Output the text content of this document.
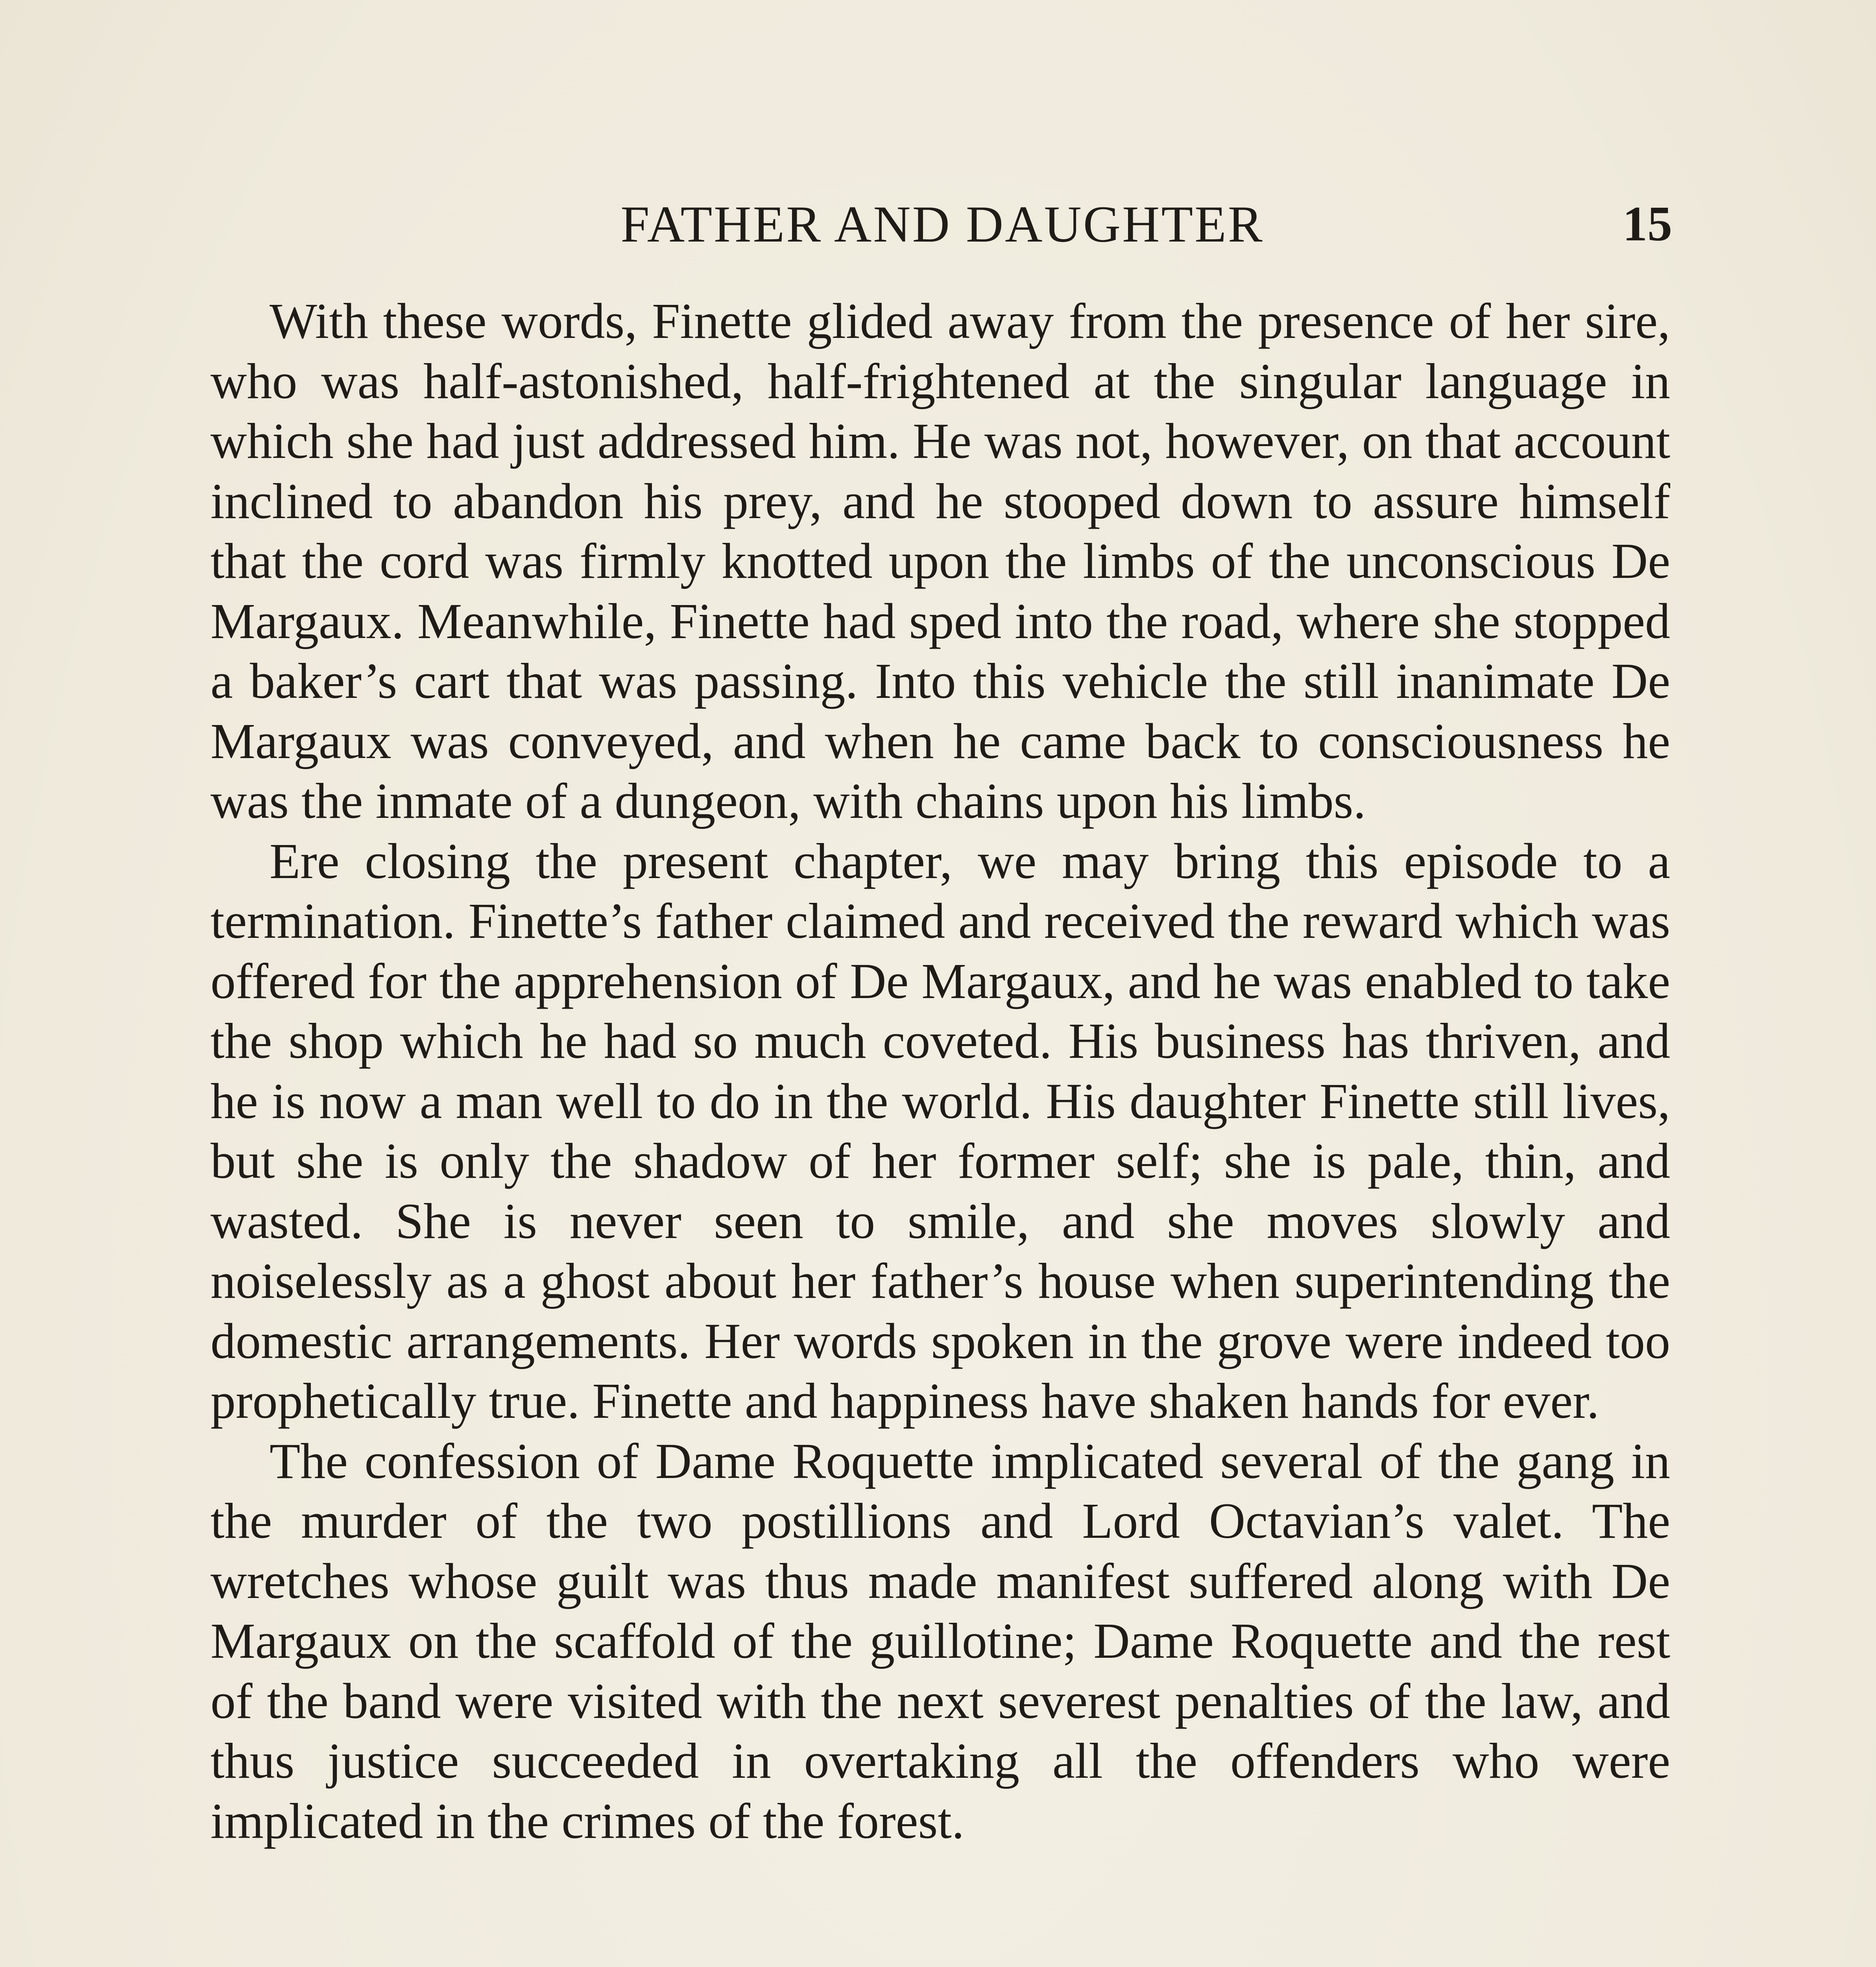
FATHER AND DAUGHTER	15

With these words, Finette glided away from the presence of her sire, who was half-astonished, half-frightened at the singular language in which she had just addressed him. He was not, however, on that account inclined to abandon his prey, and he stooped down to assure himself that the cord was firmly knotted upon the limbs of the unconscious De Margaux. Meanwhile, Finette had sped into the road, where she stopped a baker’s cart that was passing. Into this vehicle the still inanimate De Margaux was conveyed, and when he came back to consciousness he was the inmate of a dungeon, with chains upon his limbs.

Ere closing the present chapter, we may bring this episode to a termination. Finette’s father claimed and received the reward which was offered for the apprehension of De Margaux, and he was enabled to take the shop which he had so much coveted. His business has thriven, and he is now a man well to do in the world. His daughter Finette still lives, but she is only the shadow of her former self; she is pale, thin, and wasted. She is never seen to smile, and she moves slowly and noiselessly as a ghost about her father’s house when superintending the domestic arrangements. Her words spoken in the grove were indeed too prophetically true. Finette and happiness have shaken hands for ever.

The confession of Dame Roquette implicated several of the gang in the murder of the two postillions and Lord Octavian’s valet. The wretches whose guilt was thus made manifest suffered along with De Margaux on the scaffold of the guillotine; Dame Roquette and the rest of the band were visited with the next severest penalties of the law, and thus justice succeeded in overtaking all the offenders who were implicated in the crimes of the forest.
